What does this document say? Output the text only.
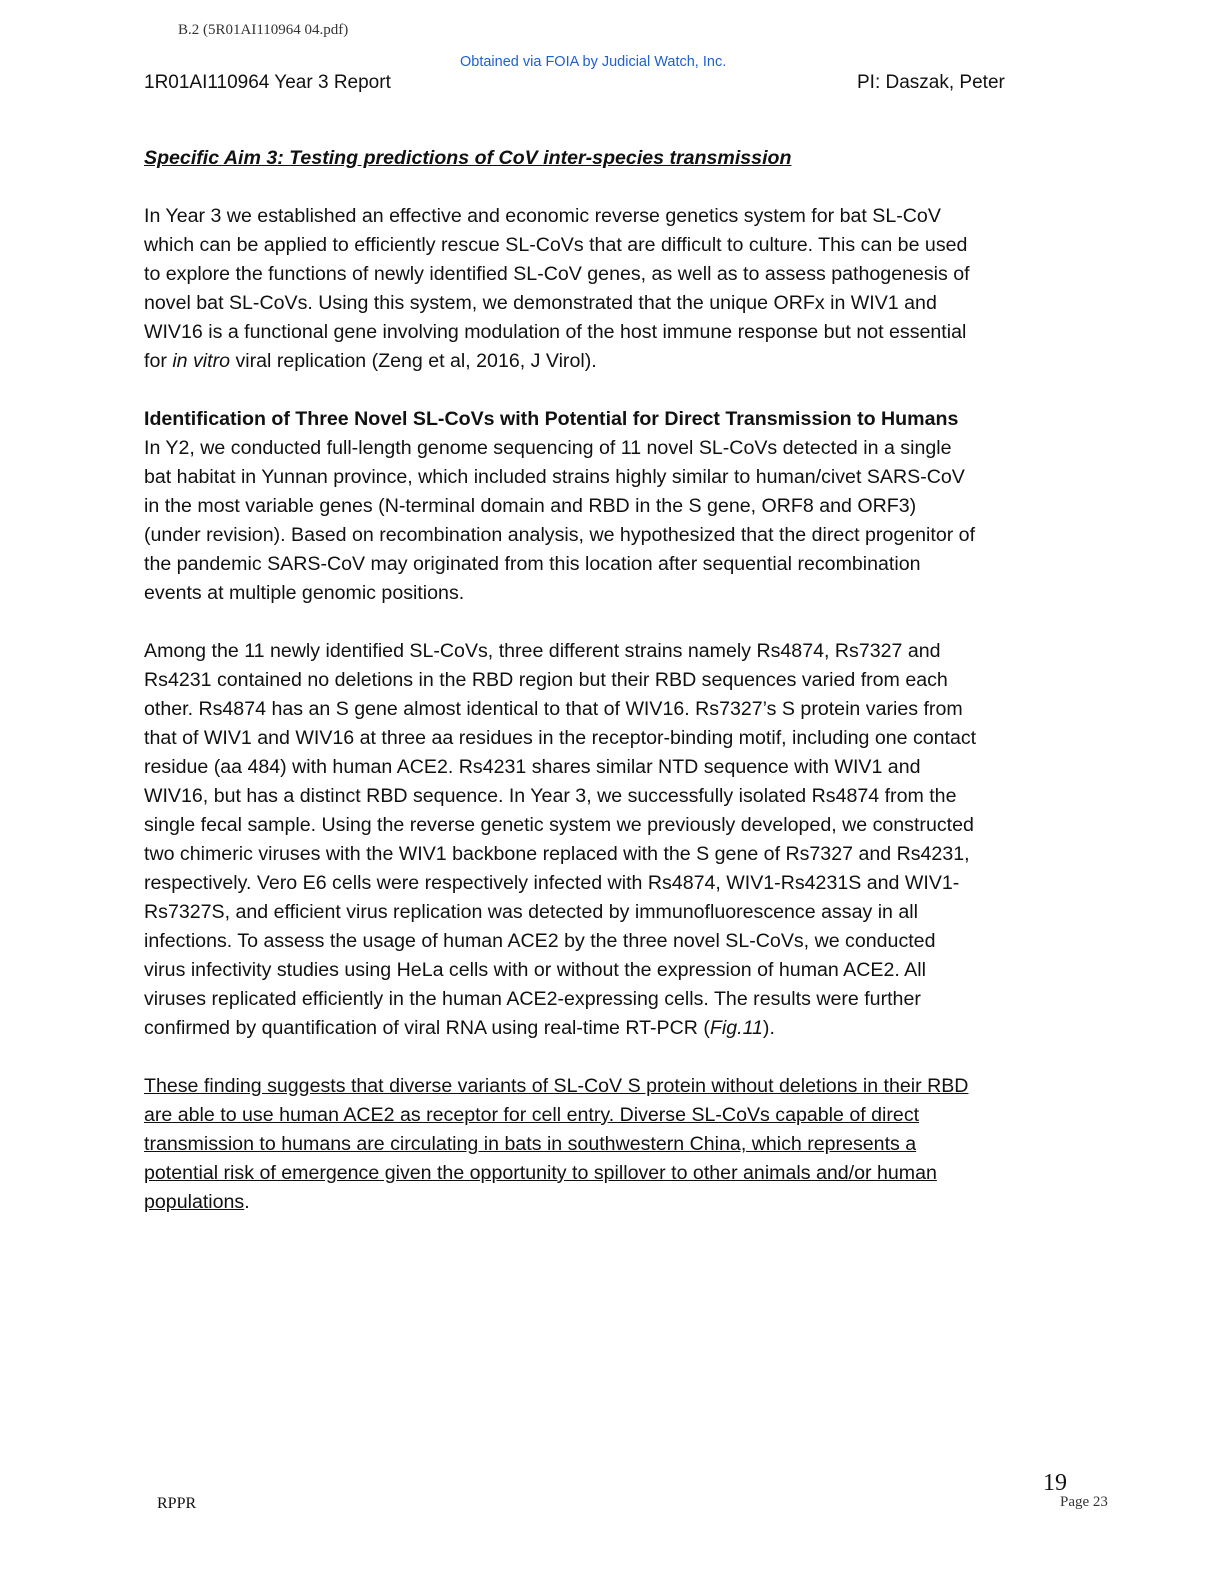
B.2 (5R01AI110964 04.pdf)
Obtained via FOIA by Judicial Watch, Inc.
1R01AI110964 Year 3 Report	PI: Daszak, Peter
Specific Aim 3: Testing predictions of CoV inter-species transmission
In Year 3 we established an effective and economic reverse genetics system for bat SL-CoV
which can be applied to efficiently rescue SL-CoVs that are difficult to culture. This can be used
to explore the functions of newly identified SL-CoV genes, as well as to assess pathogenesis of
novel bat SL-CoVs. Using this system, we demonstrated that the unique ORFx in WIV1 and
WIV16 is a functional gene involving modulation of the host immune response but not essential
for in vitro viral replication (Zeng et al, 2016, J Virol).
Identification of Three Novel SL-CoVs with Potential for Direct Transmission to Humans
In Y2, we conducted full-length genome sequencing of 11 novel SL-CoVs detected in a single
bat habitat in Yunnan province, which included strains highly similar to human/civet SARS-CoV
in the most variable genes (N-terminal domain and RBD in the S gene, ORF8 and ORF3)
(under revision). Based on recombination analysis, we hypothesized that the direct progenitor of
the pandemic SARS-CoV may originated from this location after sequential recombination
events at multiple genomic positions.
Among the 11 newly identified SL-CoVs, three different strains namely Rs4874, Rs7327 and
Rs4231 contained no deletions in the RBD region but their RBD sequences varied from each
other. Rs4874 has an S gene almost identical to that of WIV16. Rs7327’s S protein varies from
that of WIV1 and WIV16 at three aa residues in the receptor-binding motif, including one contact
residue (aa 484) with human ACE2. Rs4231 shares similar NTD sequence with WIV1 and
WIV16, but has a distinct RBD sequence. In Year 3, we successfully isolated Rs4874 from the
single fecal sample. Using the reverse genetic system we previously developed, we constructed
two chimeric viruses with the WIV1 backbone replaced with the S gene of Rs7327 and Rs4231,
respectively. Vero E6 cells were respectively infected with Rs4874, WIV1-Rs4231S and WIV1-
Rs7327S, and efficient virus replication was detected by immunofluorescence assay in all
infections. To assess the usage of human ACE2 by the three novel SL-CoVs, we conducted
virus infectivity studies using HeLa cells with or without the expression of human ACE2. All
viruses replicated efficiently in the human ACE2-expressing cells. The results were further
confirmed by quantification of viral RNA using real-time RT-PCR (Fig.11).
These finding suggests that diverse variants of SL-CoV S protein without deletions in their RBD
are able to use human ACE2 as receptor for cell entry. Diverse SL-CoVs capable of direct
transmission to humans are circulating in bats in southwestern China, which represents a
potential risk of emergence given the opportunity to spillover to other animals and/or human
populations.
RPPR
19
Page 23
